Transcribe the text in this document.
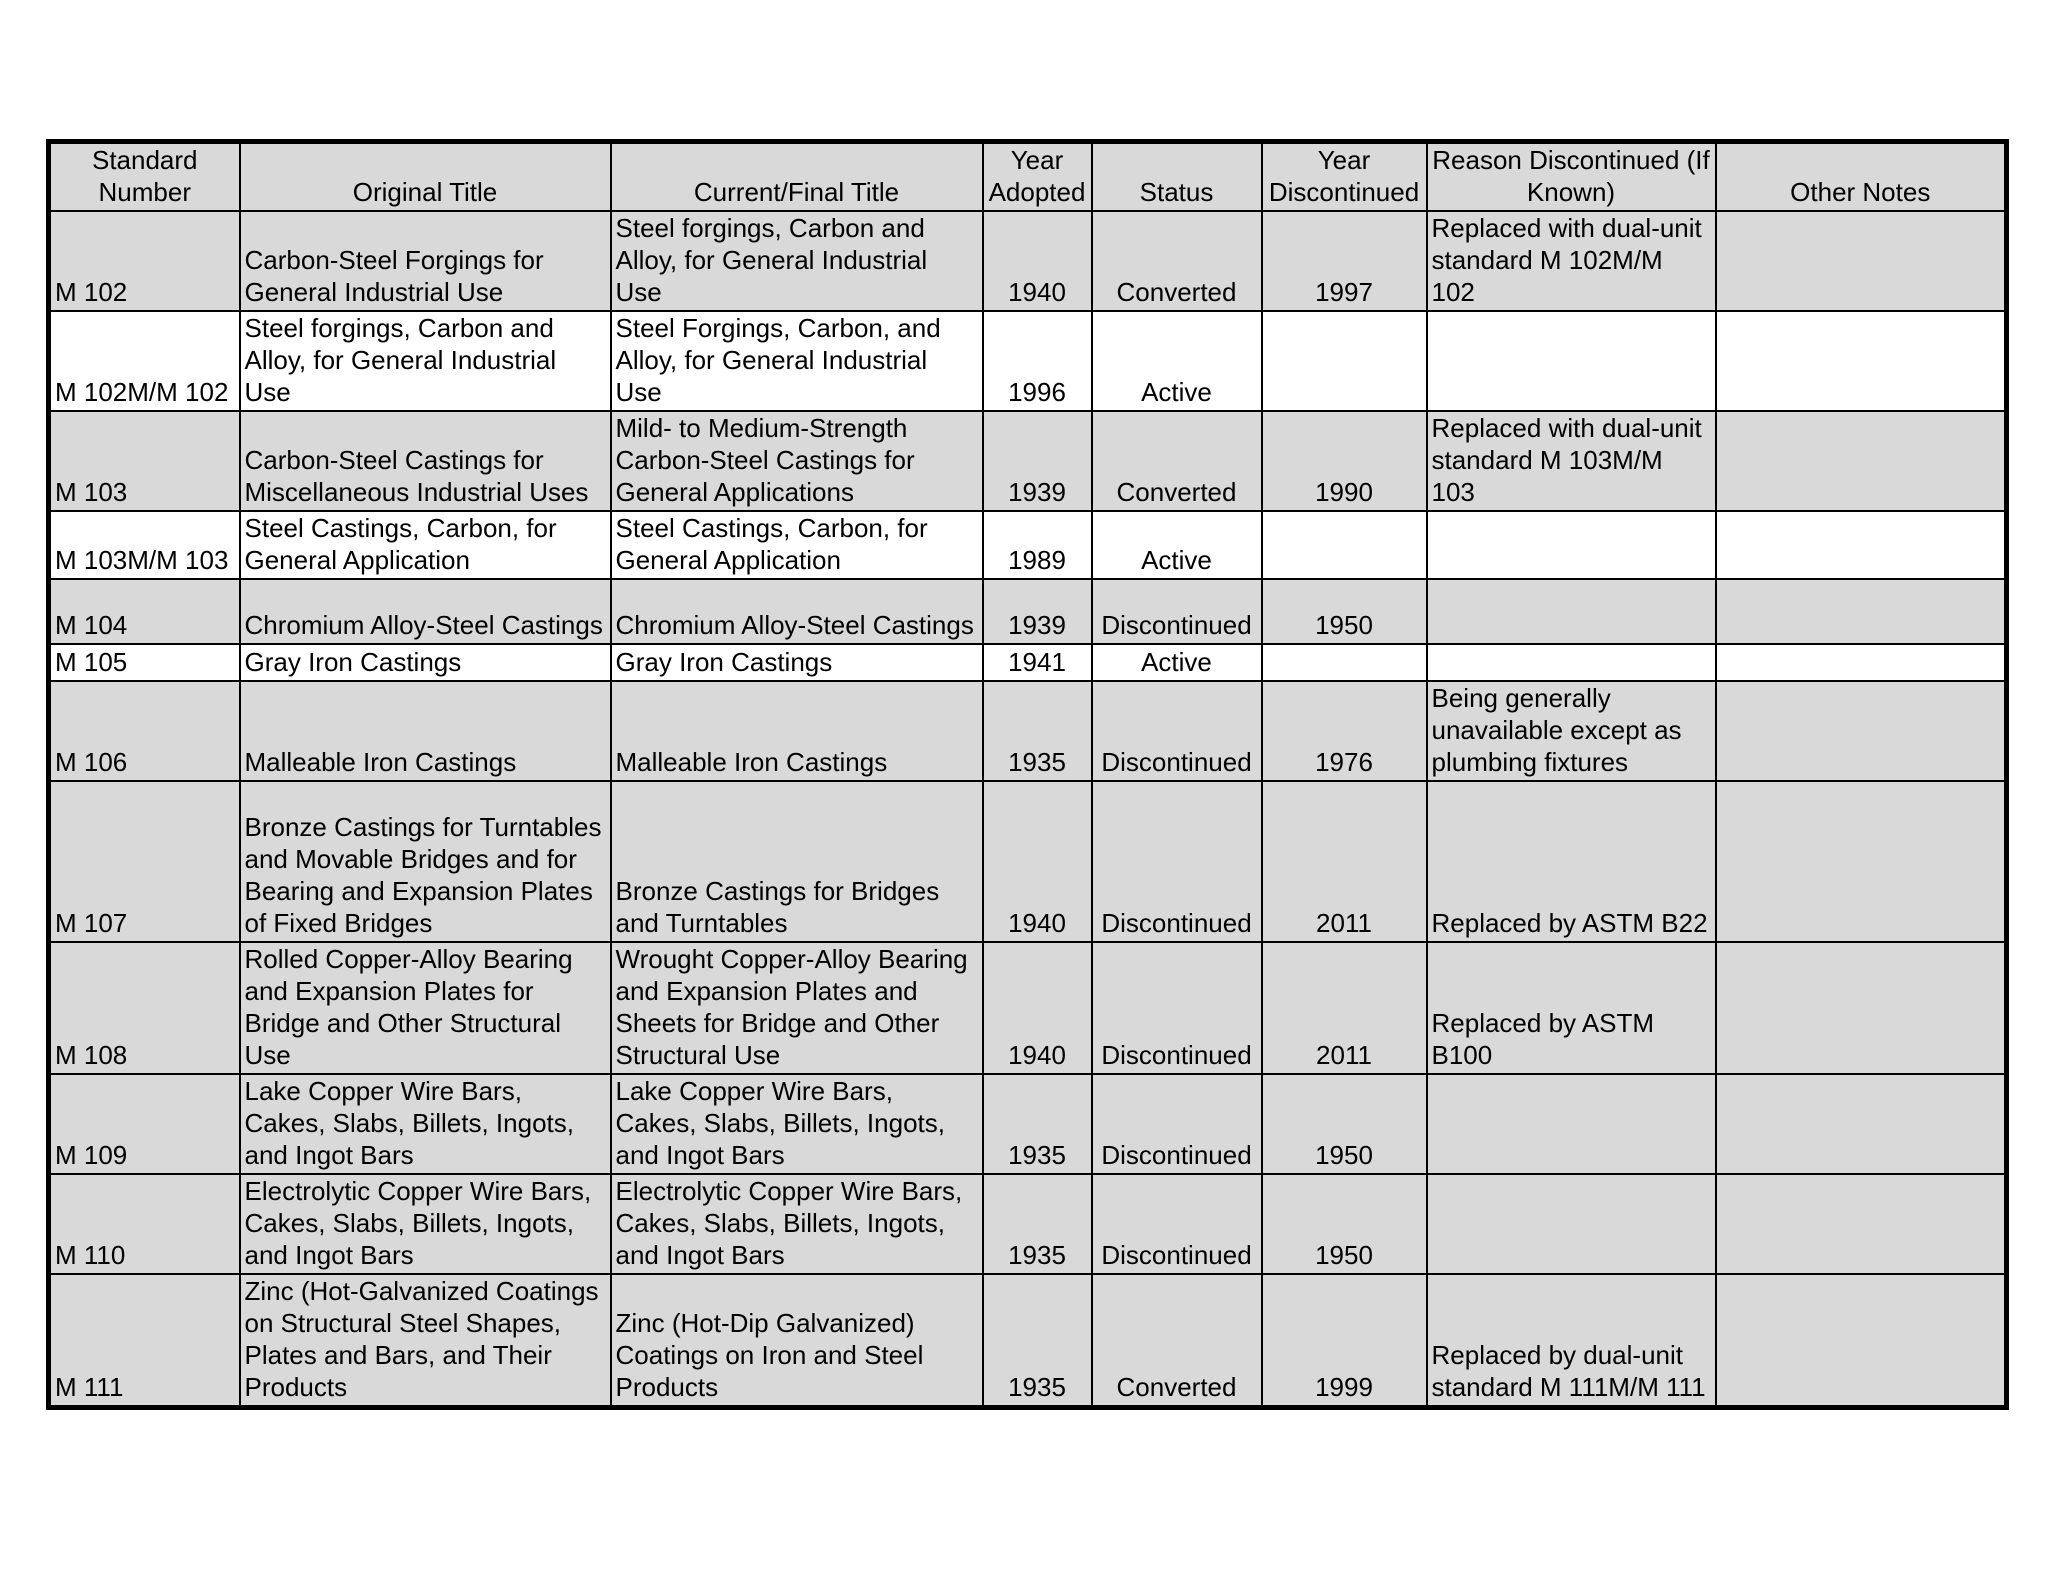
Standard Number	Original Title	Current/Final Title	Year Adopted	Status	Year Discontinued	Reason Discontinued (If Known)	Other Notes
M 102	Carbon-Steel Forgings for General Industrial Use	Steel forgings, Carbon and Alloy, for General Industrial Use	1940	Converted	1997	Replaced with dual-unit standard M 102M/M 102	
M 102M/M 102	Steel forgings, Carbon and Alloy, for General Industrial Use	Steel Forgings, Carbon, and Alloy, for General Industrial Use	1996	Active			
M 103	Carbon-Steel Castings for Miscellaneous Industrial Uses	Mild- to Medium-Strength Carbon-Steel Castings for General Applications	1939	Converted	1990	Replaced with dual-unit standard M 103M/M 103	
M 103M/M 103	Steel Castings, Carbon, for General Application	Steel Castings, Carbon, for General Application	1989	Active			
M 104	Chromium Alloy-Steel Castings	Chromium Alloy-Steel Castings	1939	Discontinued	1950		
M 105	Gray Iron Castings	Gray Iron Castings	1941	Active			
M 106	Malleable Iron Castings	Malleable Iron Castings	1935	Discontinued	1976	Being generally unavailable except as plumbing fixtures	
M 107	Bronze Castings for Turntables and Movable Bridges and for Bearing and Expansion Plates of Fixed Bridges	Bronze Castings for Bridges and Turntables	1940	Discontinued	2011	Replaced by ASTM B22	
M 108	Rolled Copper-Alloy Bearing and Expansion Plates for Bridge and Other Structural Use	Wrought Copper-Alloy Bearing and Expansion Plates and Sheets for Bridge and Other Structural Use	1940	Discontinued	2011	Replaced by ASTM B100	
M 109	Lake Copper Wire Bars, Cakes, Slabs, Billets, Ingots, and Ingot Bars	Lake Copper Wire Bars, Cakes, Slabs, Billets, Ingots, and Ingot Bars	1935	Discontinued	1950		
M 110	Electrolytic Copper Wire Bars, Cakes, Slabs, Billets, Ingots, and Ingot Bars	Electrolytic Copper Wire Bars, Cakes, Slabs, Billets, Ingots, and Ingot Bars	1935	Discontinued	1950		
M 111	Zinc (Hot-Galvanized Coatings on Structural Steel Shapes, Plates and Bars, and Their Products	Zinc (Hot-Dip Galvanized) Coatings on Iron and Steel Products	1935	Converted	1999	Replaced by dual-unit standard M 111M/M 111	
